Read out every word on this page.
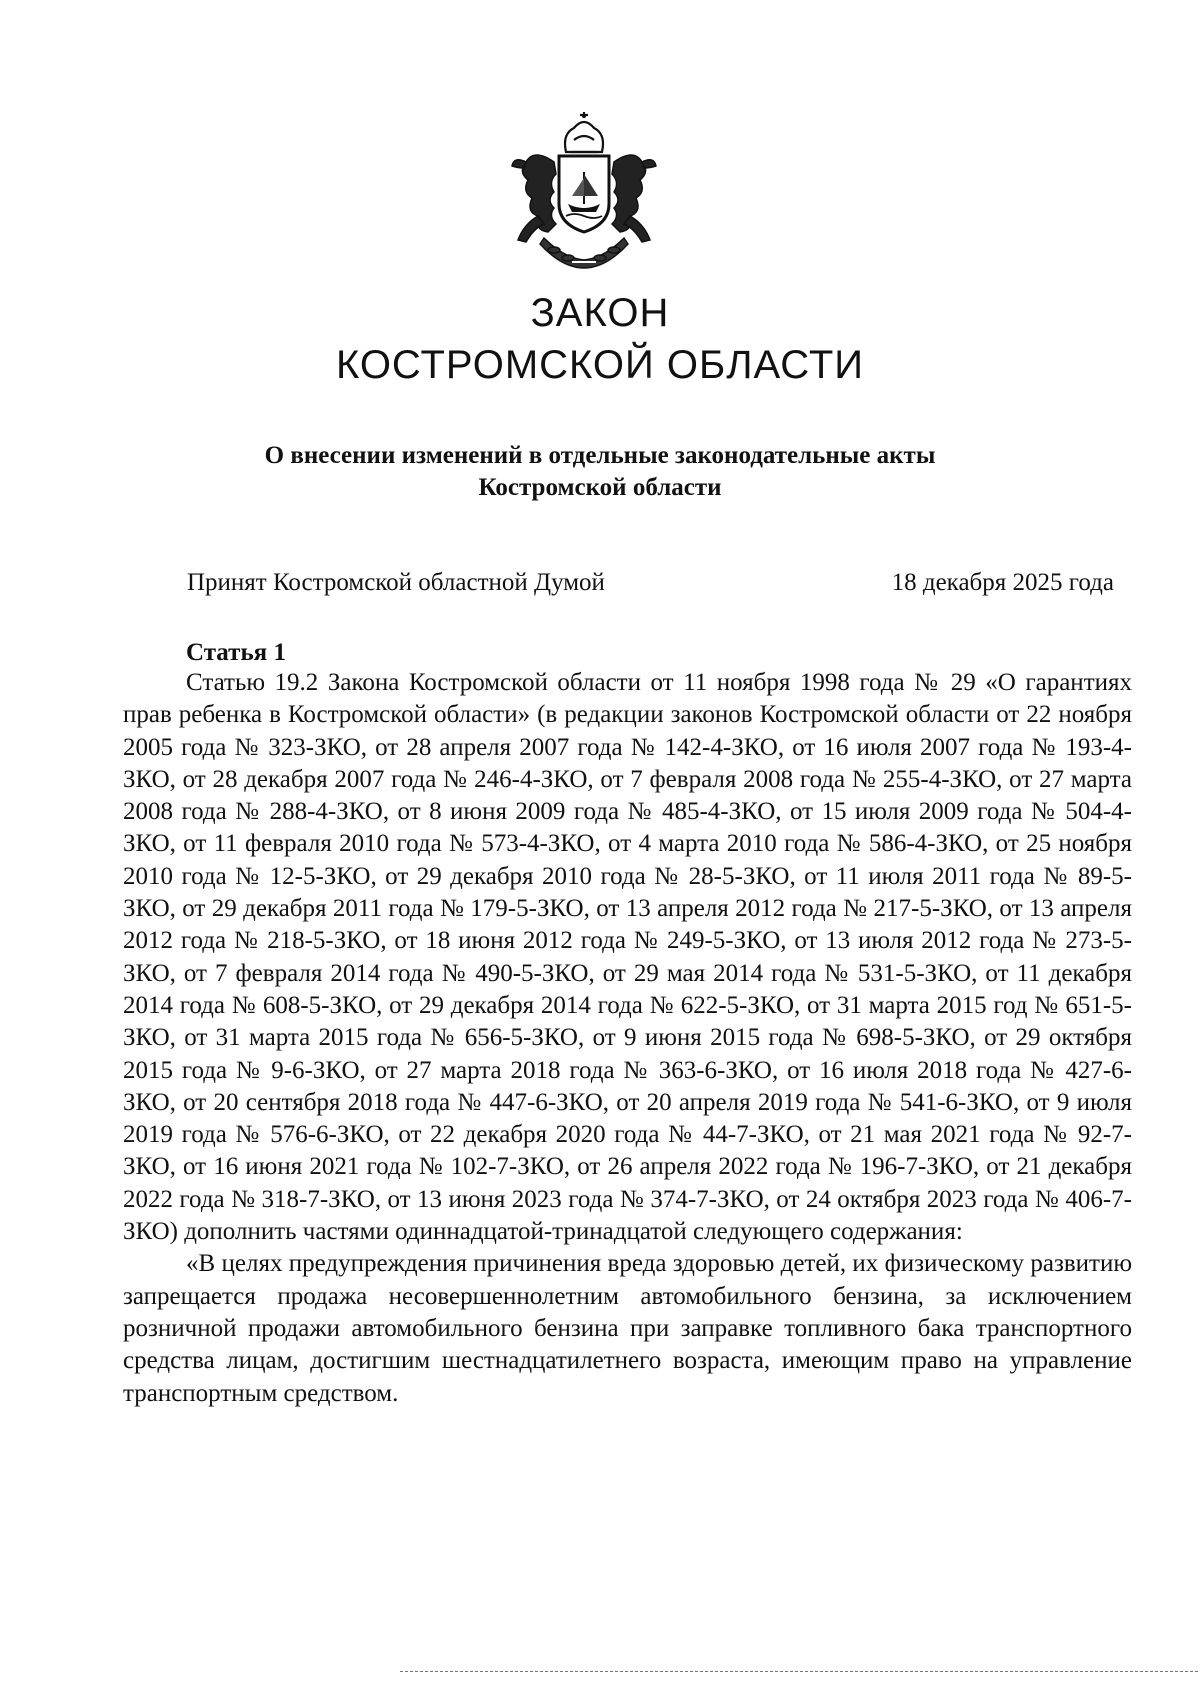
ЗАКОН
КОСТРОМСКОЙ ОБЛАСТИ
О внесении изменений в отдельные законодательные акты
Костромской области
Принят Костромской областной Думой	18 декабря 2025 года
Статья 1

Статью 19.2 Закона Костромской области от 11 ноября 1998 года № 29 «О гарантиях прав ребенка в Костромской области» (в редакции законов Костромской области от 22 ноября 2005 года № 323-ЗКО, от 28 апреля 2007 года № 142-4-ЗКО, от 16 июля 2007 года № 193-4-ЗКО, от 28 декабря 2007 года № 246-4-ЗКО, от 7 февраля 2008 года № 255-4-ЗКО, от 27 марта 2008 года № 288-4-ЗКО, от 8 июня 2009 года № 485-4-ЗКО, от 15 июля 2009 года № 504-4-ЗКО, от 11 февраля 2010 года № 573-4-ЗКО, от 4 марта 2010 года № 586-4-ЗКО, от 25 ноября 2010 года № 12-5-ЗКО, от 29 декабря 2010 года № 28-5-ЗКО, от 11 июля 2011 года № 89-5-ЗКО, от 29 декабря 2011 года № 179-5-ЗКО, от 13 апреля 2012 года № 217-5-ЗКО, от 13 апреля 2012 года № 218-5-ЗКО, от 18 июня 2012 года № 249-5-ЗКО, от 13 июля 2012 года № 273-5-ЗКО, от 7 февраля 2014 года № 490-5-ЗКО, от 29 мая 2014 года № 531-5-ЗКО, от 11 декабря 2014 года № 608-5-ЗКО, от 29 декабря 2014 года № 622-5-ЗКО, от 31 марта 2015 год № 651-5-ЗКО, от 31 марта 2015 года № 656-5-ЗКО, от 9 июня 2015 года № 698-5-ЗКО, от 29 октября 2015 года № 9-6-ЗКО, от 27 марта 2018 года № 363-6-ЗКО, от 16 июля 2018 года № 427-6-ЗКО, от 20 сентября 2018 года № 447-6-ЗКО, от 20 апреля 2019 года № 541-6-ЗКО, от 9 июля 2019 года № 576-6-ЗКО, от 22 декабря 2020 года № 44-7-ЗКО, от 21 мая 2021 года № 92-7-ЗКО, от 16 июня 2021 года № 102-7-ЗКО, от 26 апреля 2022 года № 196-7-ЗКО, от 21 декабря 2022 года № 318-7-ЗКО, от 13 июня 2023 года № 374-7-ЗКО, от 24 октября 2023 года № 406-7-ЗКО) дополнить частями одиннадцатой-тринадцатой следующего содержания:

«В целях предупреждения причинения вреда здоровью детей, их физическому развитию запрещается продажа несовершеннолетним автомобильного бензина, за исключением розничной продажи автомобильного бензина при заправке топливного бака транспортного средства лицам, достигшим шестнадцатилетнего возраста, имеющим право на управление транспортным средством.
